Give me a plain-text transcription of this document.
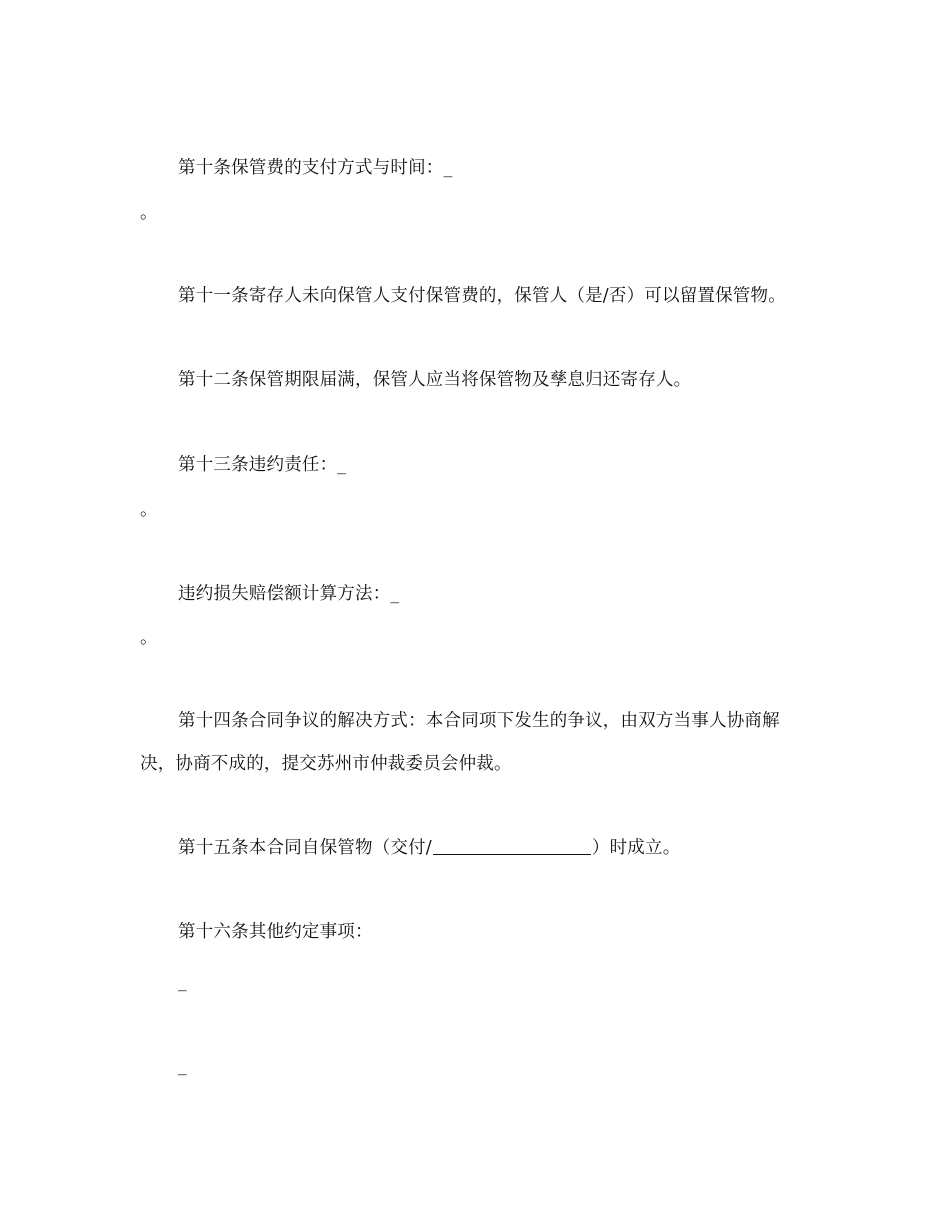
第十条保管费的支付方式与时间：_

。

第十一条寄存人未向保管人支付保管费的，保管人（是/否）可以留置保管物。

第十二条保管期限届满，保管人应当将保管物及孳息归还寄存人。

第十三条违约责任：_

。

违约损失赔偿额计算方法：_

。

第十四条合同争议的解决方式：本合同项下发生的争议，由双方当事人协商解

决，协商不成的，提交苏州市仲裁委员会仲裁。

第十五条本合同自保管物（交付/	）时成立。

第十六条其他约定事项：

_

_
